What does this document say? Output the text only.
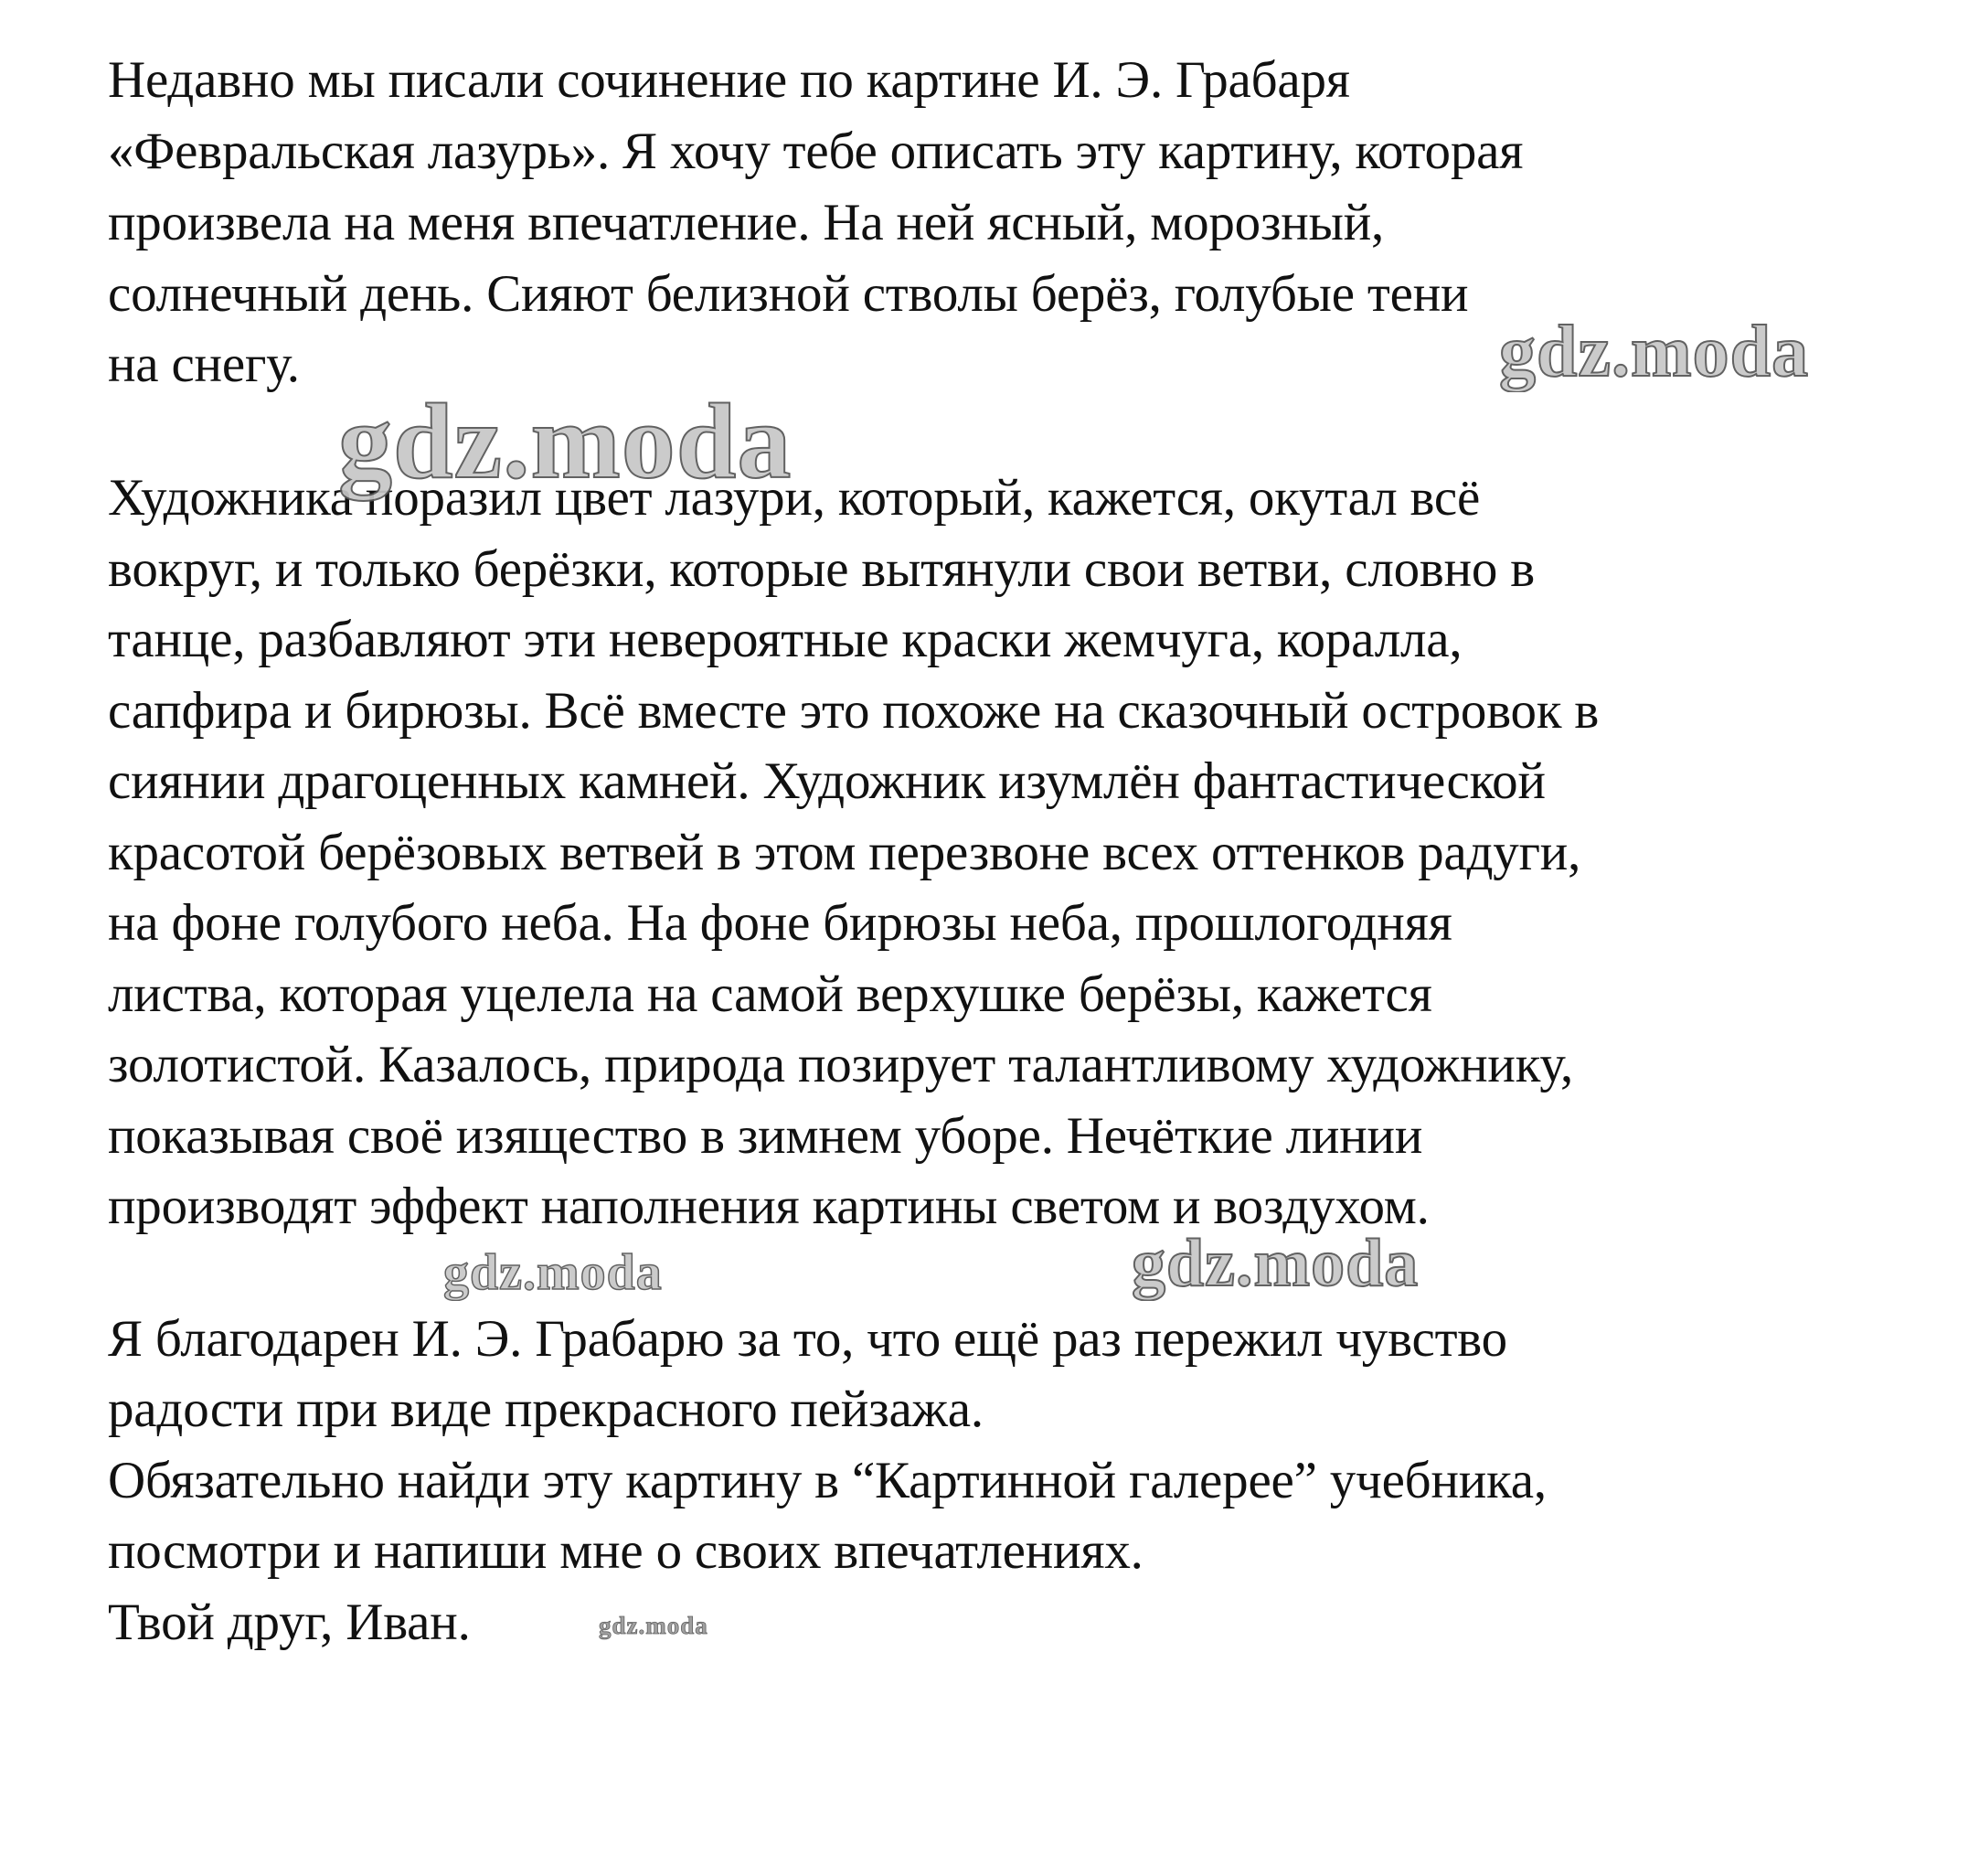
Недавно мы писали сочинение по картине И. Э. Грабаря

«Февральская лазурь». Я хочу тебе описать эту картину, которая

произвела на меня впечатление. На ней ясный, морозный,

солнечный день. Сияют белизной стволы берёз, голубые тени

на снегу.

Художника поразил цвет лазури, который, кажется, окутал всё

вокруг, и только берёзки, которые вытянули свои ветви, словно в

танце, разбавляют эти невероятные краски жемчуга, коралла,

сапфира и бирюзы. Всё вместе это похоже на сказочный островок в

сиянии драгоценных камней. Художник изумлён фантастической

красотой берёзовых ветвей в этом перезвоне всех оттенков радуги,

на фоне голубого неба. На фоне бирюзы неба, прошлогодняя

листва, которая уцелела на самой верхушке берёзы, кажется

золотистой. Казалось, природа позирует талантливому художнику,

показывая своё изящество в зимнем уборе. Нечёткие линии

производят эффект наполнения картины светом и воздухом.

Я благодарен И. Э. Грабарю за то, что ещё раз пережил чувство

радости при виде прекрасного пейзажа.

Обязательно найди эту картину в “Картинной галерее” учебника,

посмотри и напиши мне о своих впечатлениях.

Твой друг, Иван.

gdz.moda
gdz.moda
gdz.moda	gdz.moda
gdz.moda
